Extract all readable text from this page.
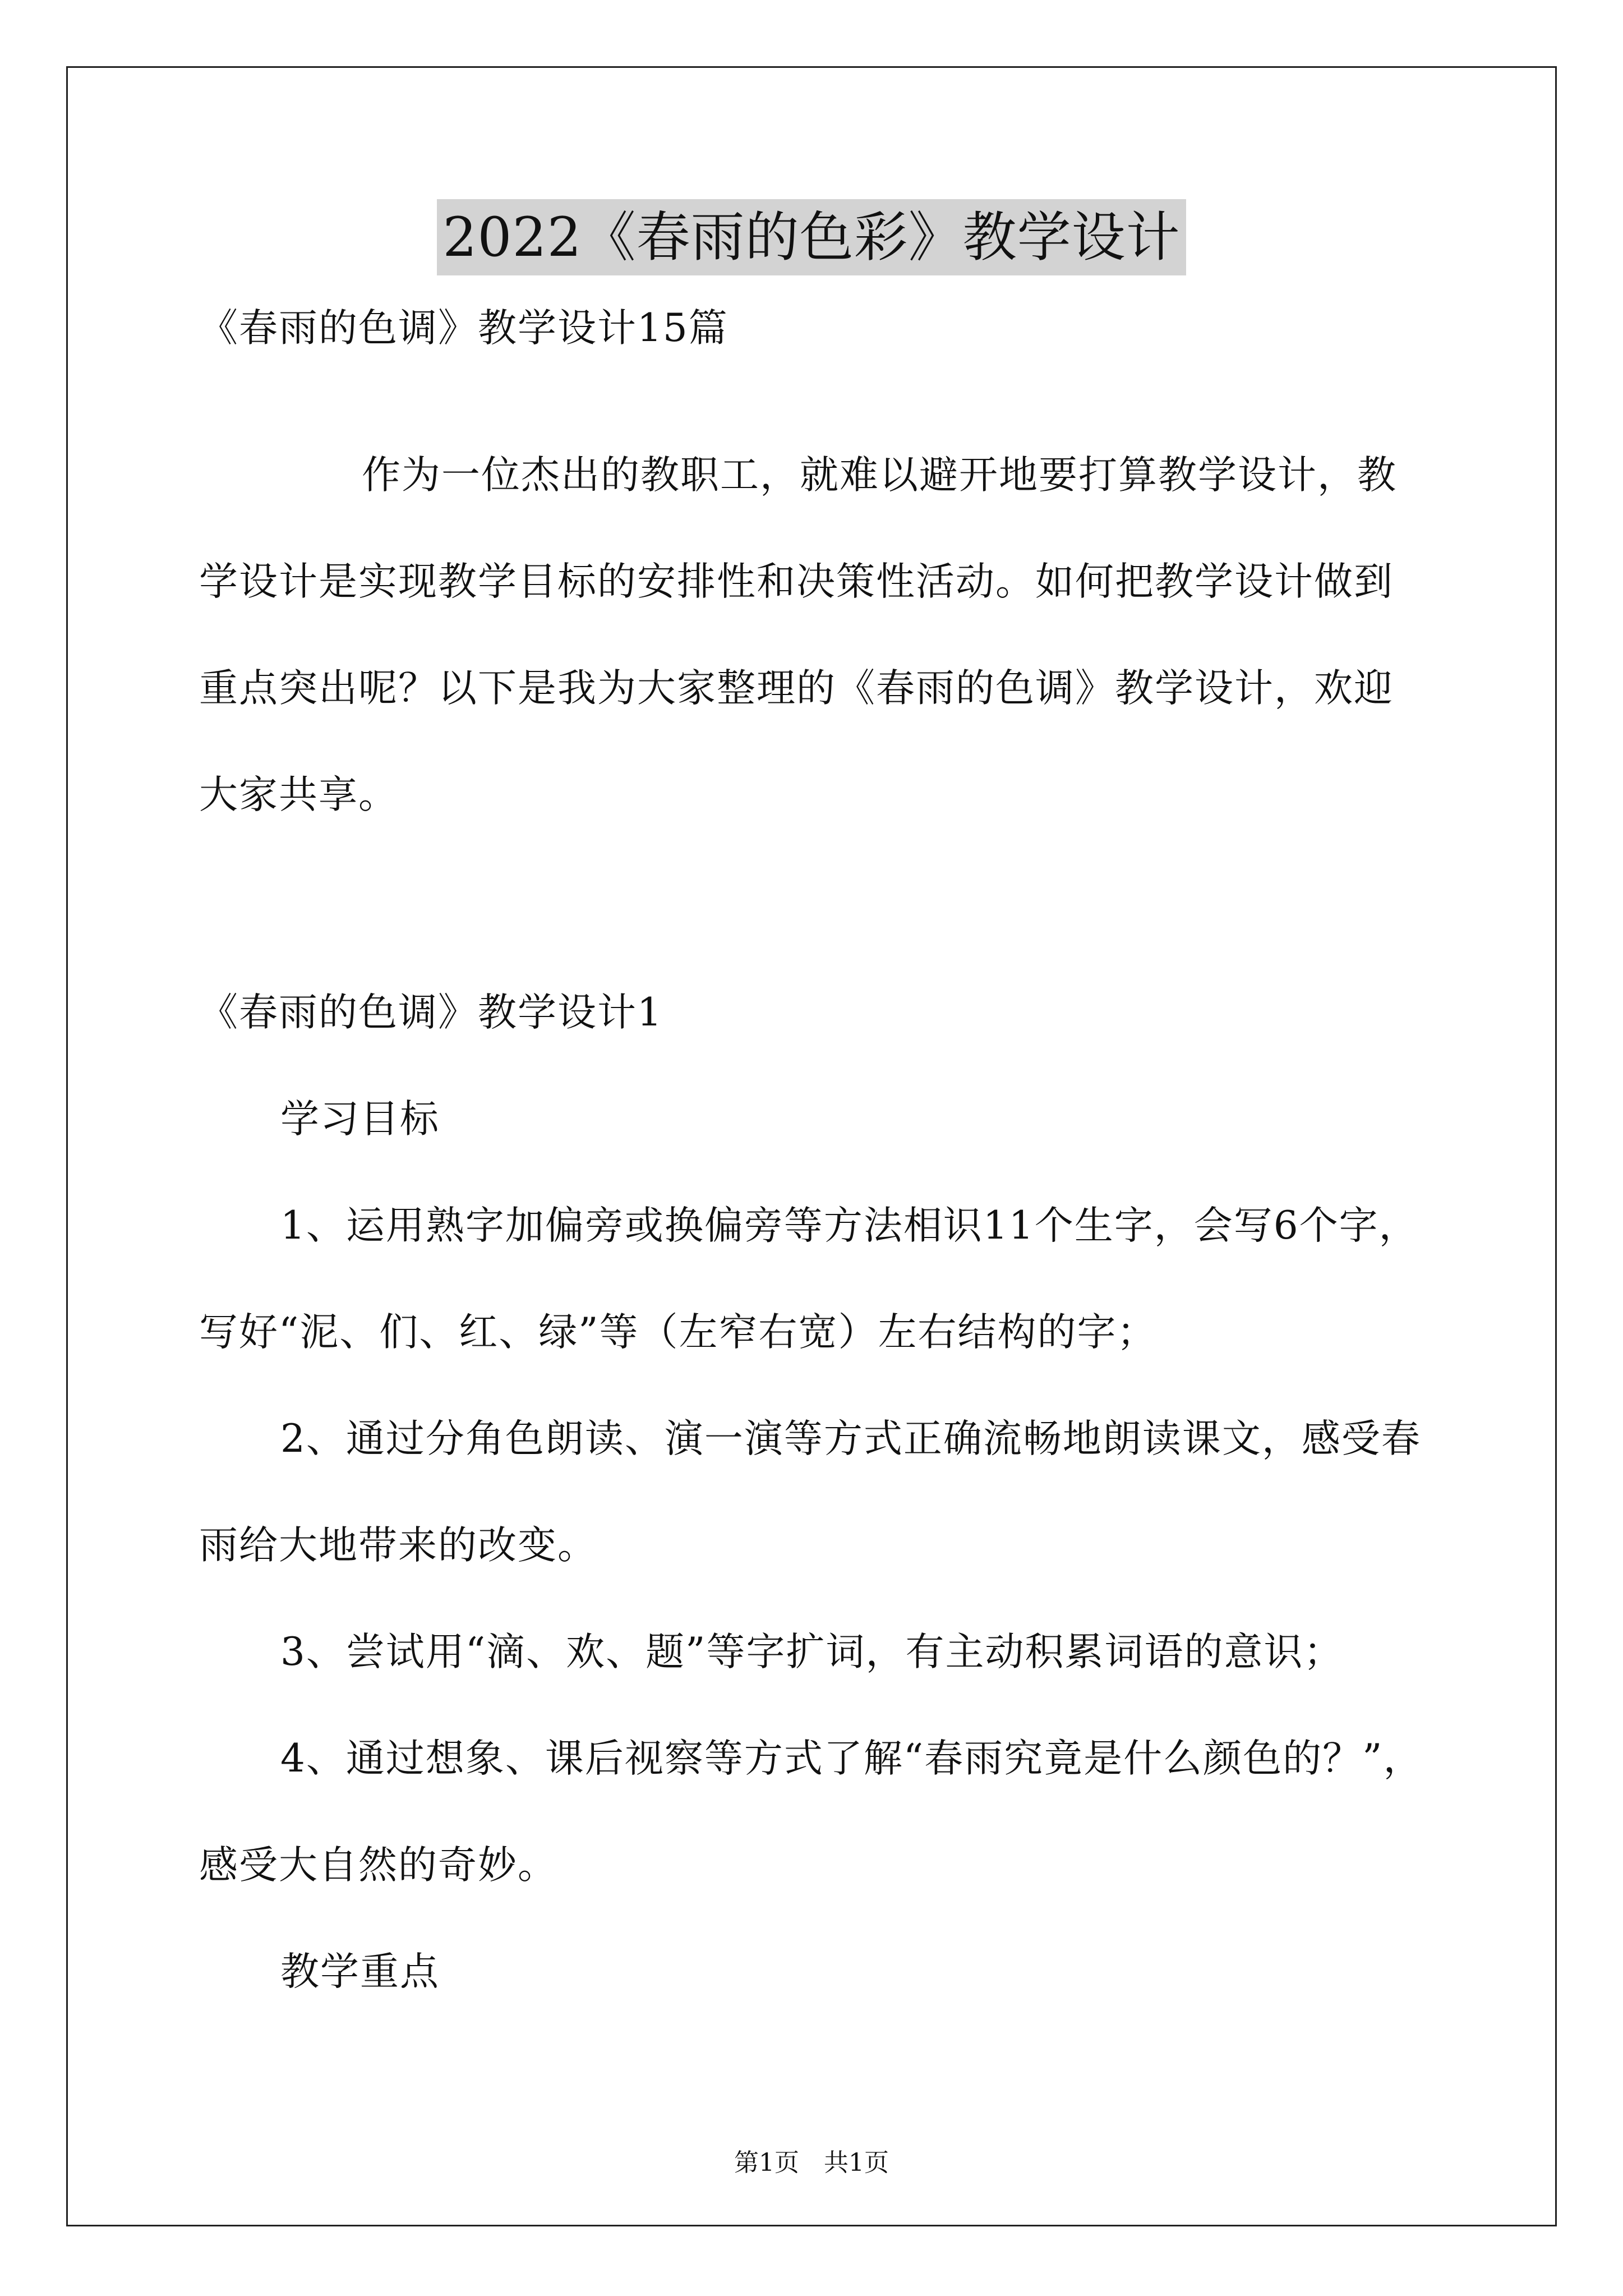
2022《春雨的色彩》教学设计
《春雨的色调》教学设计15篇
作为一位杰出的教职工，就难以避开地要打算教学设计，教
学设计是实现教学目标的安排性和决策性活动。如何把教学设计做到
重点突出呢？以下是我为大家整理的《春雨的色调》教学设计，欢迎
大家共享。
《春雨的色调》教学设计1
学习目标
1、运用熟字加偏旁或换偏旁等方法相识11个生字，会写6个字，
写好“泥、们、红、绿”等（左窄右宽）左右结构的字；
2、通过分角色朗读、演一演等方式正确流畅地朗读课文，感受春
雨给大地带来的改变。
3、尝试用“滴、欢、题”等字扩词，有主动积累词语的意识；
4、通过想象、课后视察等方式了解“春雨究竟是什么颜色的？”，
感受大自然的奇妙。
教学重点
第1页　共1页
